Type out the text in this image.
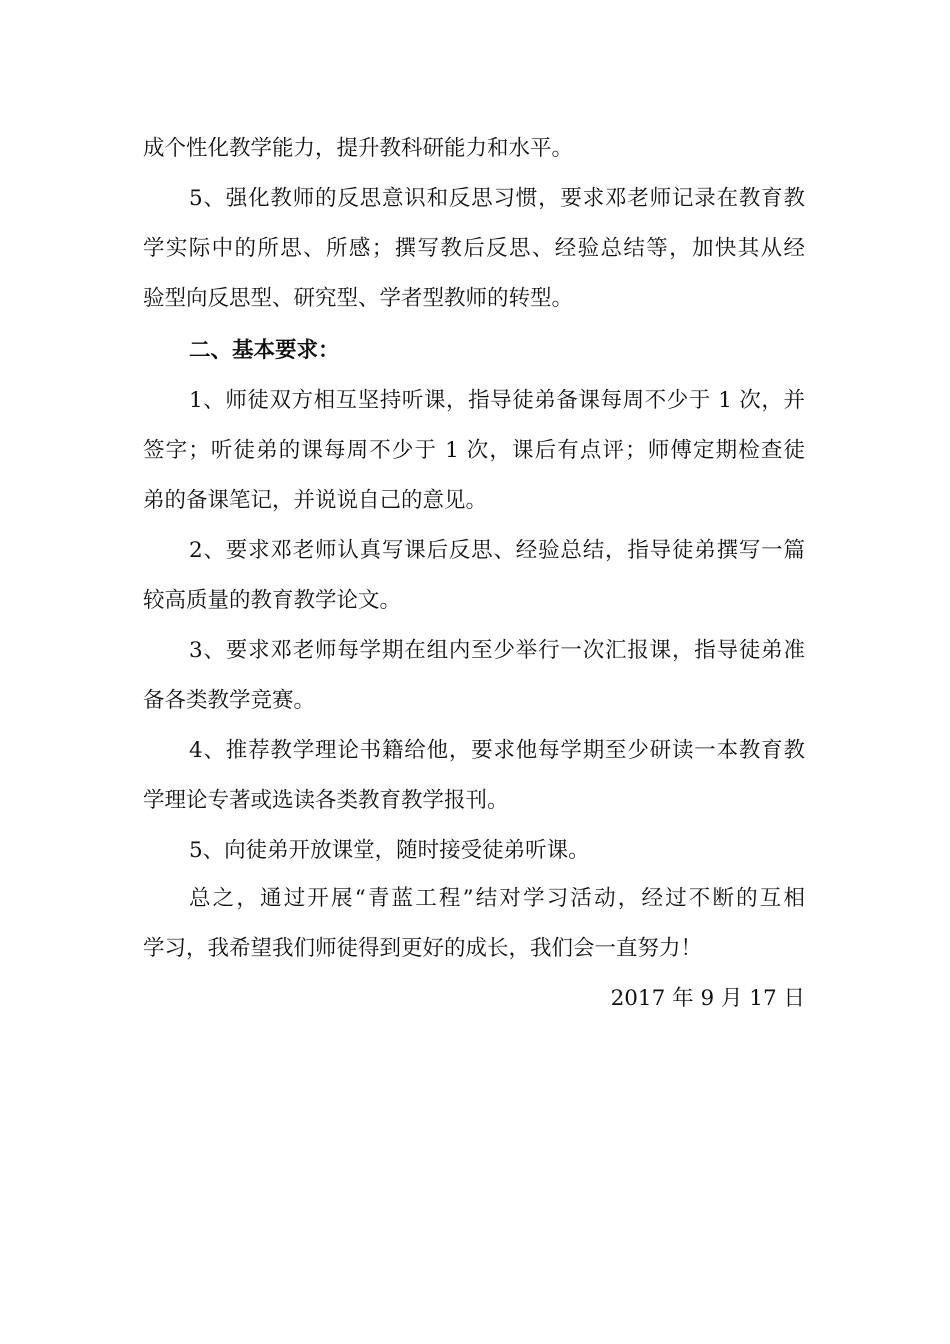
成个性化教学能力，提升教科研能力和水平。
5、强化教师的反思意识和反思习惯，要求邓老师记录在教育教
学实际中的所思、所感；撰写教后反思、经验总结等，加快其从经
验型向反思型、研究型、学者型教师的转型。
二、基本要求：
1、师徒双方相互坚持听课，指导徒弟备课每周不少于 1 次，并
签字；听徒弟的课每周不少于 1 次，课后有点评；师傅定期检查徒
弟的备课笔记，并说说自己的意见。
2、要求邓老师认真写课后反思、经验总结，指导徒弟撰写一篇
较高质量的教育教学论文。
3、要求邓老师每学期在组内至少举行一次汇报课，指导徒弟准
备各类教学竞赛。
4、推荐教学理论书籍给他，要求他每学期至少研读一本教育教
学理论专著或选读各类教育教学报刊。
5、向徒弟开放课堂，随时接受徒弟听课。
总之，通过开展“青蓝工程”结对学习活动，经过不断的互相
学习，我希望我们师徒得到更好的成长，我们会一直努力！
2017 年 9 月 17 日
